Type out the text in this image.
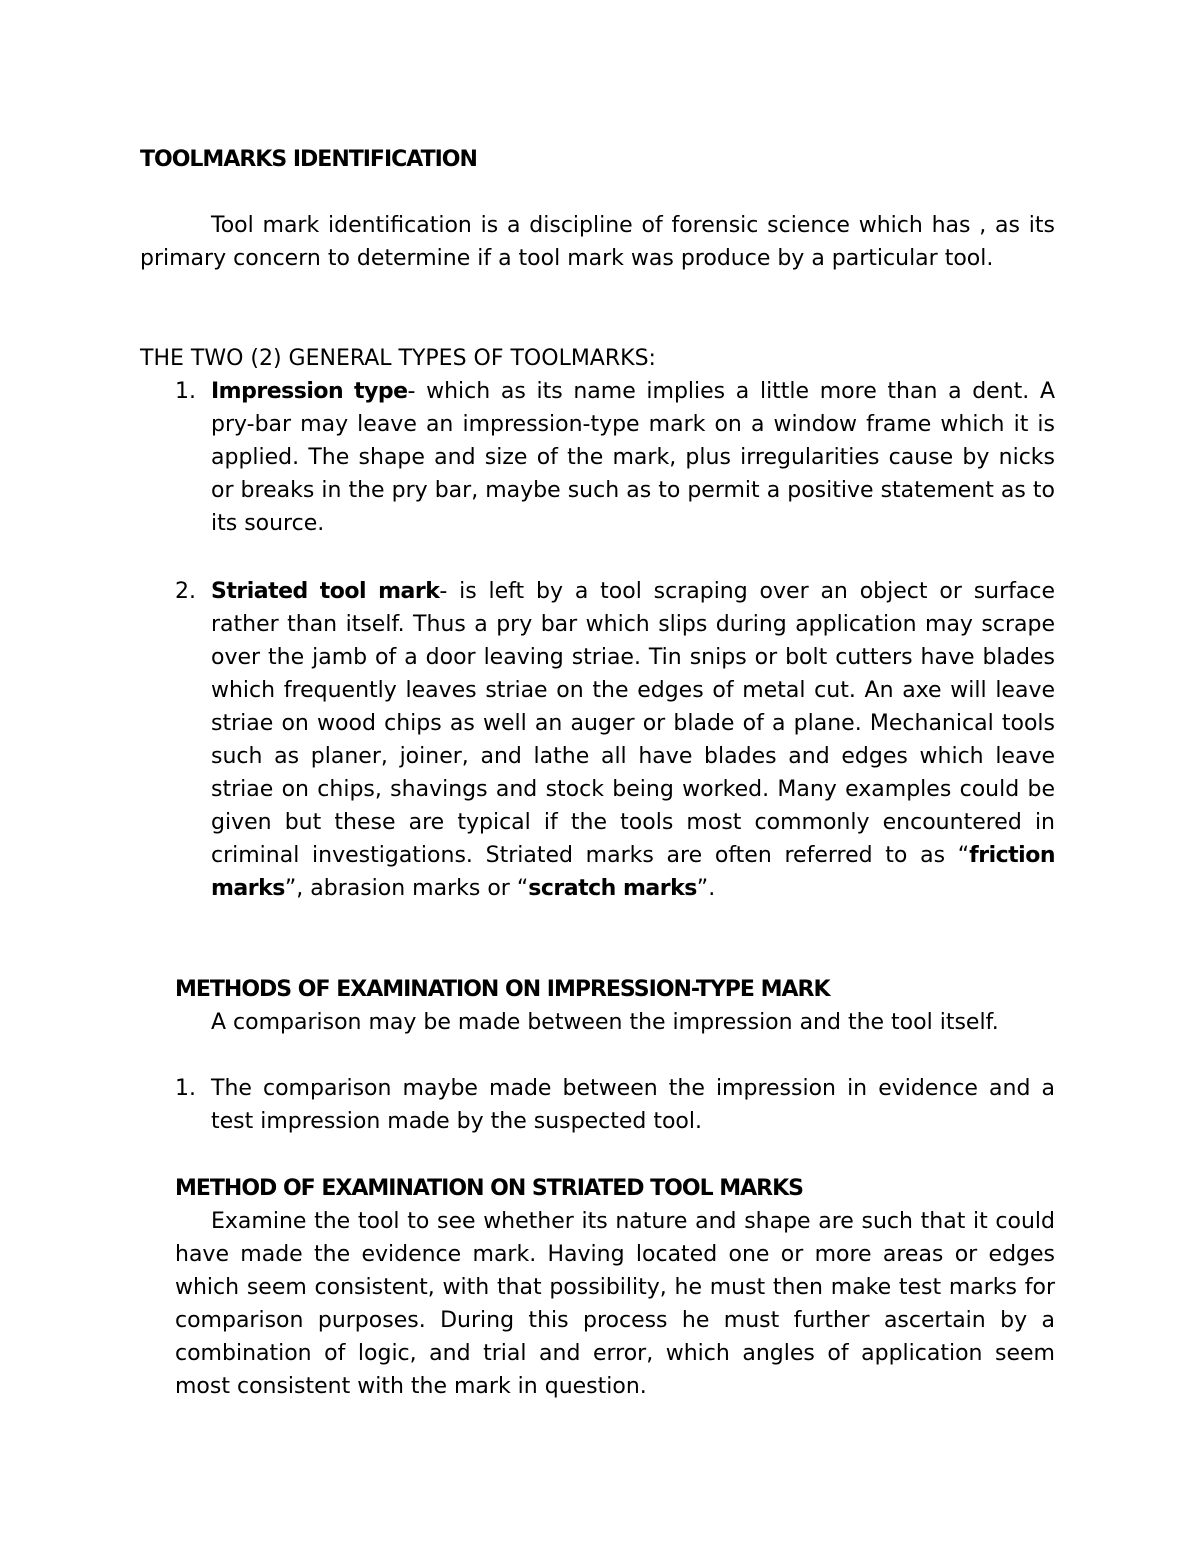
TOOLMARKS IDENTIFICATION
Tool mark identification is a discipline of forensic science which has , as its primary concern to determine if a tool mark was produce by a particular tool.
THE TWO (2) GENERAL TYPES OF TOOLMARKS:
1. Impression type- which as its name implies a little more than a dent. A pry-bar may leave an impression-type mark on a window frame which it is applied. The shape and size of the mark, plus irregularities cause by nicks or breaks in the pry bar, maybe such as to permit a positive statement as to its source.
2. Striated tool mark- is left by a tool scraping over an object or surface rather than itself. Thus a pry bar which slips during application may scrape over the jamb of a door leaving striae. Tin snips or bolt cutters have blades which frequently leaves striae on the edges of metal cut. An axe will leave striae on wood chips as well an auger or blade of a plane. Mechanical tools such as planer, joiner, and lathe all have blades and edges which leave striae on chips, shavings and stock being worked. Many examples could be given but these are typical if the tools most commonly encountered in criminal investigations. Striated marks are often referred to as “friction marks”, abrasion marks or “scratch marks”.
METHODS OF EXAMINATION ON IMPRESSION-TYPE MARK
A comparison may be made between the impression and the tool itself.
1. The comparison maybe made between the impression in evidence and a test impression made by the suspected tool.
METHOD OF EXAMINATION ON STRIATED TOOL MARKS
Examine the tool to see whether its nature and shape are such that it could have made the evidence mark. Having located one or more areas or edges which seem consistent, with that possibility, he must then make test marks for comparison purposes. During this process he must further ascertain by a combination of logic, and trial and error, which angles of application seem most consistent with the mark in question.
